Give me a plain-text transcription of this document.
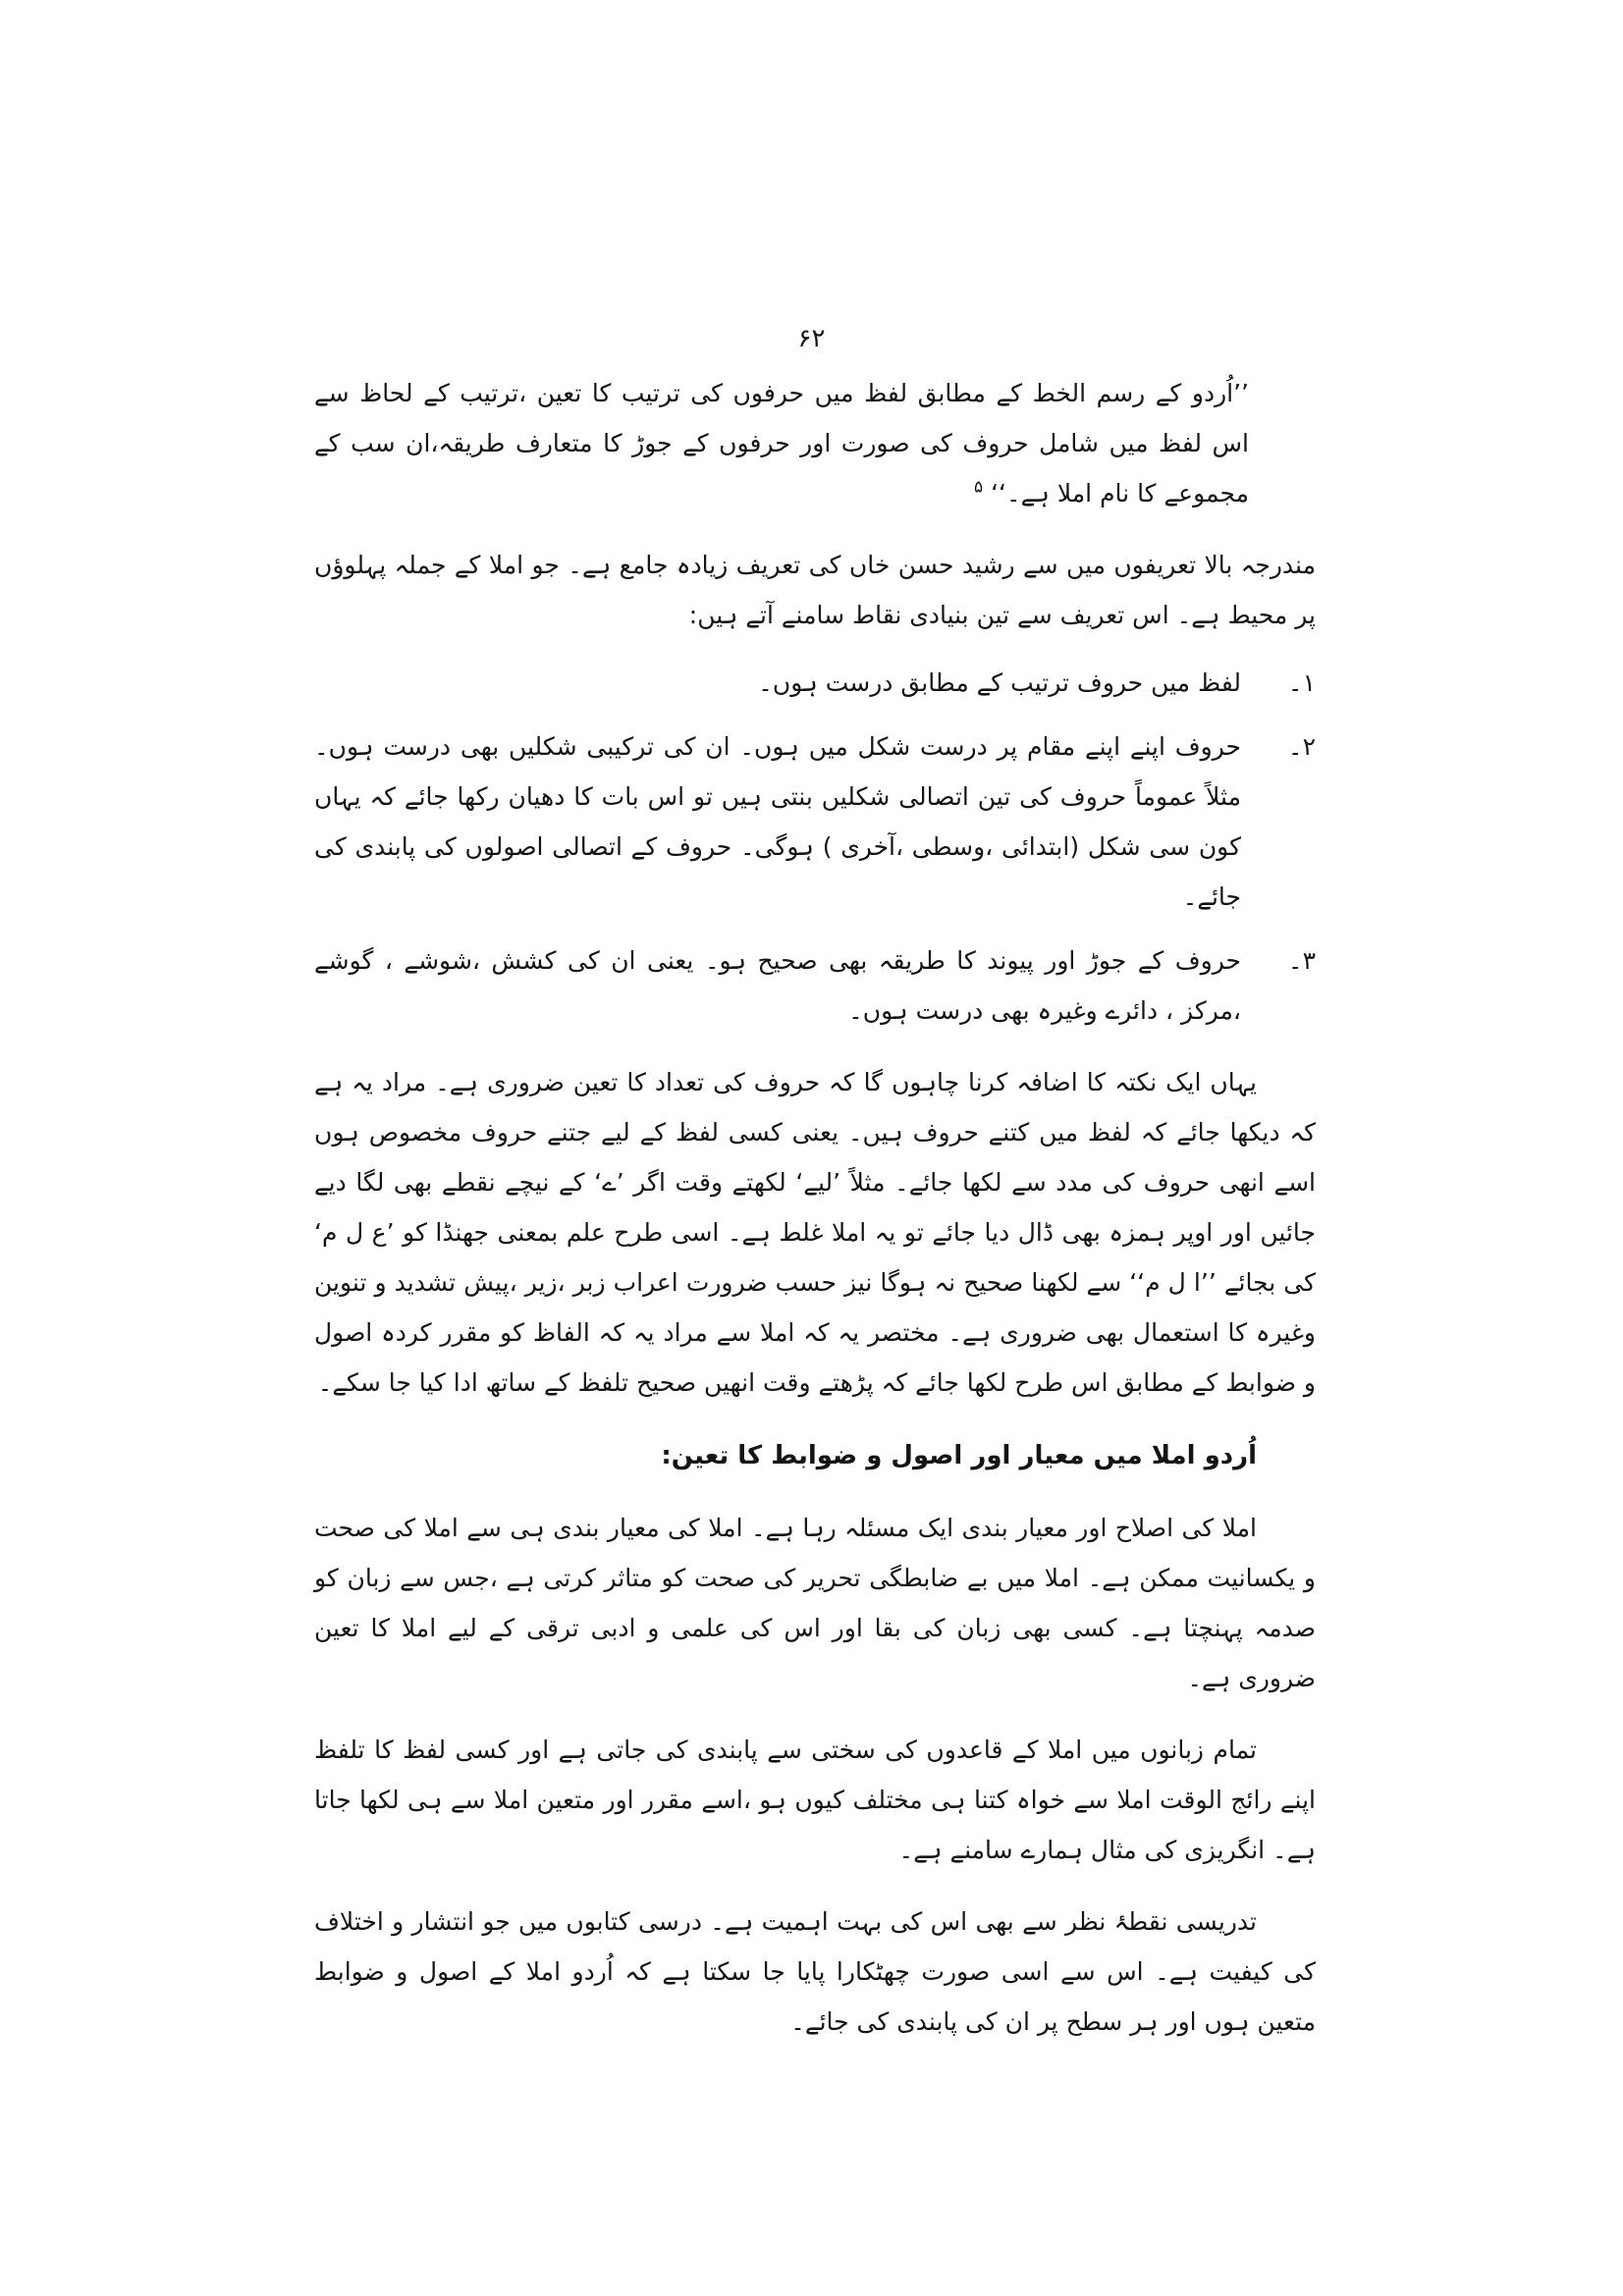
۶۲

’’اُردو کے رسم الخط کے مطابق لفظ میں حرفوں کی ترتیب کا تعین ،ترتیب کے لحاظ سے اس لفظ میں شامل حروف کی صورت اور حرفوں کے جوڑ کا متعارف طریقہ،ان سب کے مجموعے کا نام املا ہے۔‘‘ $^۵$

مندرجہ بالا تعریفوں میں سے رشید حسن خاں کی تعریف زیادہ جامع ہے۔ جو املا کے جملہ پہلوؤں پر محیط ہے۔ اس تعریف سے تین بنیادی نقاط سامنے آتے ہیں:

۱۔
لفظ میں حروف ترتیب کے مطابق درست ہوں۔
۲۔
حروف اپنے اپنے مقام پر درست شکل میں ہوں۔ ان کی ترکیبی شکلیں بھی درست ہوں۔ مثلاً عموماً حروف کی تین اتصالی شکلیں بنتی ہیں تو اس بات کا دھیان رکھا جائے کہ یہاں کون سی شکل (ابتدائی ،وسطی ،آخری ) ہوگی۔ حروف کے اتصالی اصولوں کی پابندی کی جائے۔
۳۔
حروف کے جوڑ اور پیوند کا طریقہ بھی صحیح ہو۔ یعنی ان کی کشش ،شوشے ، گوشے ،مرکز ، دائرے وغیرہ بھی درست ہوں۔

یہاں ایک نکتہ کا اضافہ کرنا چاہوں گا کہ حروف کی تعداد کا تعین ضروری ہے۔ مراد یہ ہے کہ دیکھا جائے کہ لفظ میں کتنے حروف ہیں۔ یعنی کسی لفظ کے لیے جتنے حروف مخصوص ہوں اسے انھی حروف کی مدد سے لکھا جائے۔ مثلاً ’لیے‘ لکھتے وقت اگر ’ے‘ کے نیچے نقطے بھی لگا دیے جائیں اور اوپر ہمزہ بھی ڈال دیا جائے تو یہ املا غلط ہے۔ اسی طرح علم بمعنی جھنڈا کو ’ع ل م‘ کی بجائے ’’ا ل م‘‘ سے لکھنا صحیح نہ ہوگا نیز حسب ضرورت اعراب زبر ،زیر ،پیش تشدید و تنوین وغیرہ کا استعمال بھی ضروری ہے۔ مختصر یہ کہ املا سے مراد یہ کہ الفاظ کو مقرر کردہ اصول و ضوابط کے مطابق اس طرح لکھا جائے کہ پڑھتے وقت انھیں صحیح تلفظ کے ساتھ ادا کیا جا سکے۔

اُردو املا میں معیار اور اصول و ضوابط کا تعین:

املا کی اصلاح اور معیار بندی ایک مسئلہ رہا ہے۔ املا کی معیار بندی ہی سے املا کی صحت و یکسانیت ممکن ہے۔ املا میں بے ضابطگی تحریر کی صحت کو متاثر کرتی ہے ،جس سے زبان کو صدمہ پہنچتا ہے۔ کسی بھی زبان کی بقا اور اس کی علمی و ادبی ترقی کے لیے املا کا تعین ضروری ہے۔

تمام زبانوں میں املا کے قاعدوں کی سختی سے پابندی کی جاتی ہے اور کسی لفظ کا تلفظ اپنے رائج الوقت املا سے خواہ کتنا ہی مختلف کیوں ہو ،اسے مقرر اور متعین املا سے ہی لکھا جاتا ہے۔ انگریزی کی مثال ہمارے سامنے ہے۔

تدریسی نقطۂ نظر سے بھی اس کی بہت اہمیت ہے۔ درسی کتابوں میں جو انتشار و اختلاف کی کیفیت ہے۔ اس سے اسی صورت چھٹکارا پایا جا سکتا ہے کہ اُردو املا کے اصول و ضوابط متعین ہوں اور ہر سطح پر ان کی پابندی کی جائے۔
